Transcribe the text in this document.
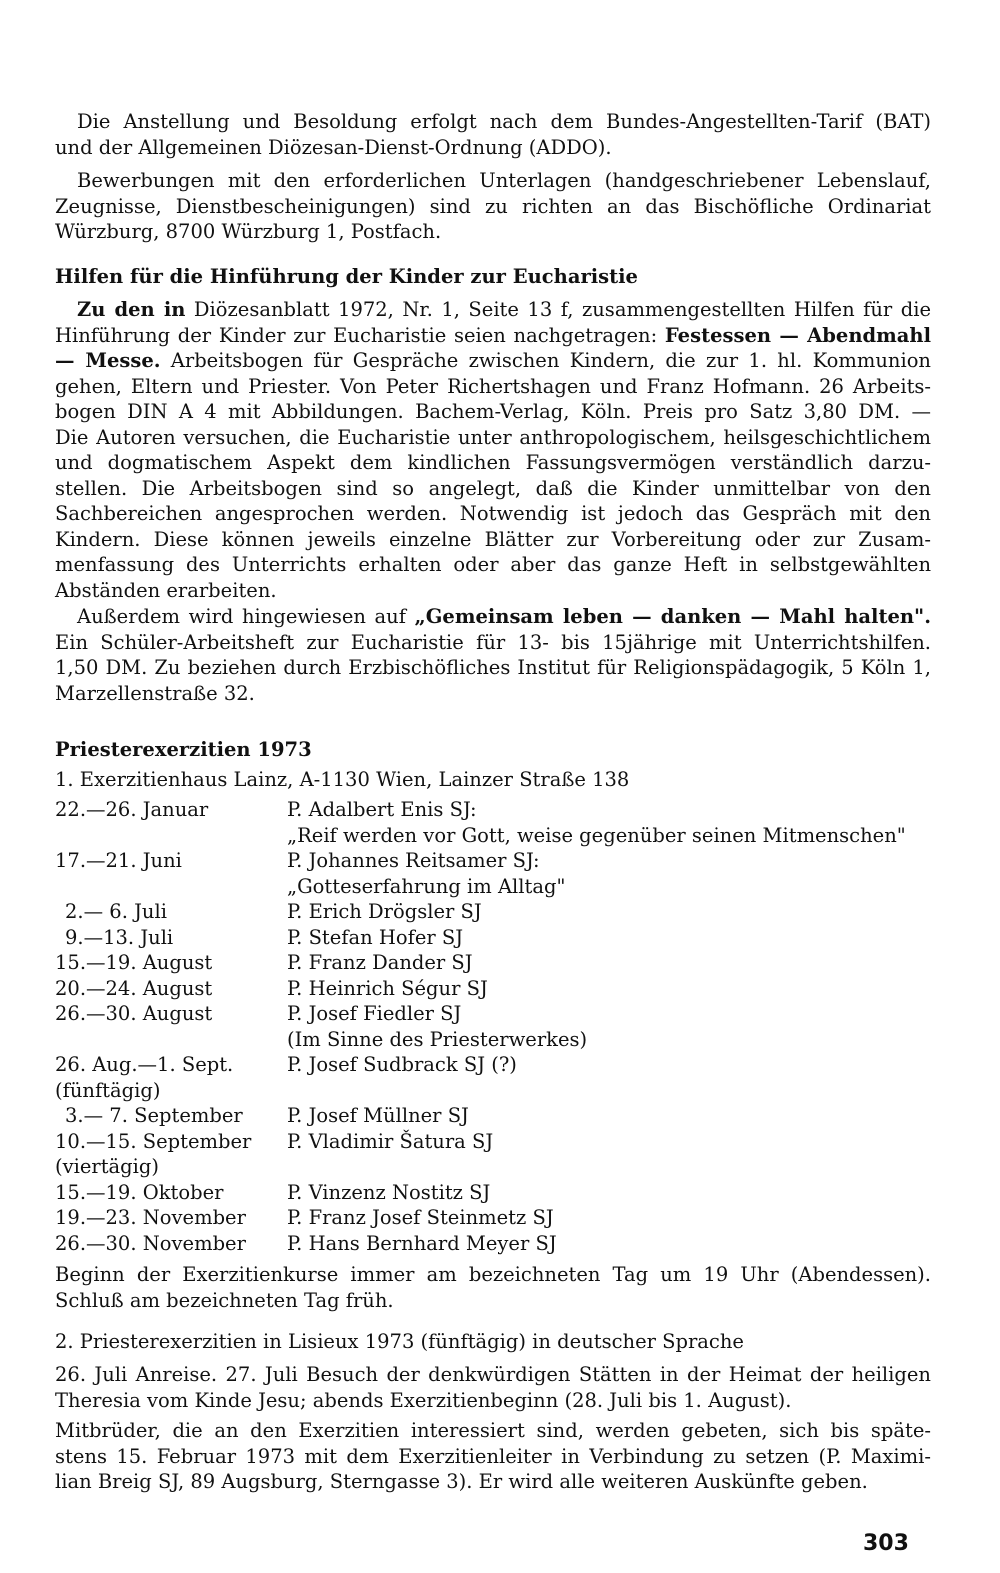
Die Anstellung und Besoldung erfolgt nach dem Bundes-Angestellten-Tarif (BAT)

und der Allgemeinen Diözesan-Dienst-Ordnung (ADDO).

Bewerbungen mit den erforderlichen Unterlagen (handgeschriebener Lebenslauf,

Zeugnisse, Dienstbescheinigungen) sind zu richten an das Bischöfliche Ordinariat

Würzburg, 8700 Würzburg 1, Postfach.

Hilfen für die Hinführung der Kinder zur Eucharistie

Zu den in Diözesanblatt 1972, Nr. 1, Seite 13 f, zusammengestellten Hilfen für die

Hinführung der Kinder zur Eucharistie seien nachgetragen: Festessen — Abendmahl

— Messe. Arbeitsbogen für Gespräche zwischen Kindern, die zur 1. hl. Kommunion

gehen, Eltern und Priester. Von Peter Richertshagen und Franz Hofmann. 26 Arbeits-

bogen DIN A 4 mit Abbildungen. Bachem-Verlag, Köln. Preis pro Satz 3,80 DM. —

Die Autoren versuchen, die Eucharistie unter anthropologischem, heilsgeschichtlichem

und dogmatischem Aspekt dem kindlichen Fassungsvermögen verständlich darzu-

stellen. Die Arbeitsbogen sind so angelegt, daß die Kinder unmittelbar von den

Sachbereichen angesprochen werden. Notwendig ist jedoch das Gespräch mit den

Kindern. Diese können jeweils einzelne Blätter zur Vorbereitung oder zur Zusam-

menfassung des Unterrichts erhalten oder aber das ganze Heft in selbstgewählten

Abständen erarbeiten.

Außerdem wird hingewiesen auf „Gemeinsam leben — danken — Mahl halten".

Ein Schüler-Arbeitsheft zur Eucharistie für 13- bis 15jährige mit Unterrichtshilfen.

1,50 DM. Zu beziehen durch Erzbischöfliches Institut für Religionspädagogik, 5 Köln 1,

Marzellenstraße 32.

Priesterexerzitien 1973

1. Exerzitienhaus Lainz, A-1130 Wien, Lainzer Straße 138

22.—26. Januar	P. Adalbert Enis SJ:
„Reif werden vor Gott, weise gegenüber seinen Mitmenschen"
17.—21. Juni	P. Johannes Reitsamer SJ:
„Gotteserfahrung im Alltag"
2.— 6. Juli	P. Erich Drögsler SJ
9.—13. Juli	P. Stefan Hofer SJ
15.—19. August	P. Franz Dander SJ
20.—24. August	P. Heinrich Ségur SJ
26.—30. August	P. Josef Fiedler SJ
(Im Sinne des Priesterwerkes)
26. Aug.—1. Sept.	P. Josef Sudbrack SJ (?)
(fünftägig)
3.— 7. September	P. Josef Müllner SJ
10.—15. September	P. Vladimir Šatura SJ
(viertägig)
15.—19. Oktober	P. Vinzenz Nostitz SJ
19.—23. November	P. Franz Josef Steinmetz SJ
26.—30. November	P. Hans Bernhard Meyer SJ

Beginn der Exerzitienkurse immer am bezeichneten Tag um 19 Uhr (Abendessen).

Schluß am bezeichneten Tag früh.

2. Priesterexerzitien in Lisieux 1973 (fünftägig) in deutscher Sprache

26. Juli Anreise. 27. Juli Besuch der denkwürdigen Stätten in der Heimat der heiligen

Theresia vom Kinde Jesu; abends Exerzitienbeginn (28. Juli bis 1. August).

Mitbrüder, die an den Exerzitien interessiert sind, werden gebeten, sich bis späte-

stens 15. Februar 1973 mit dem Exerzitienleiter in Verbindung zu setzen (P. Maximi-

lian Breig SJ, 89 Augsburg, Sterngasse 3). Er wird alle weiteren Auskünfte geben.

303
